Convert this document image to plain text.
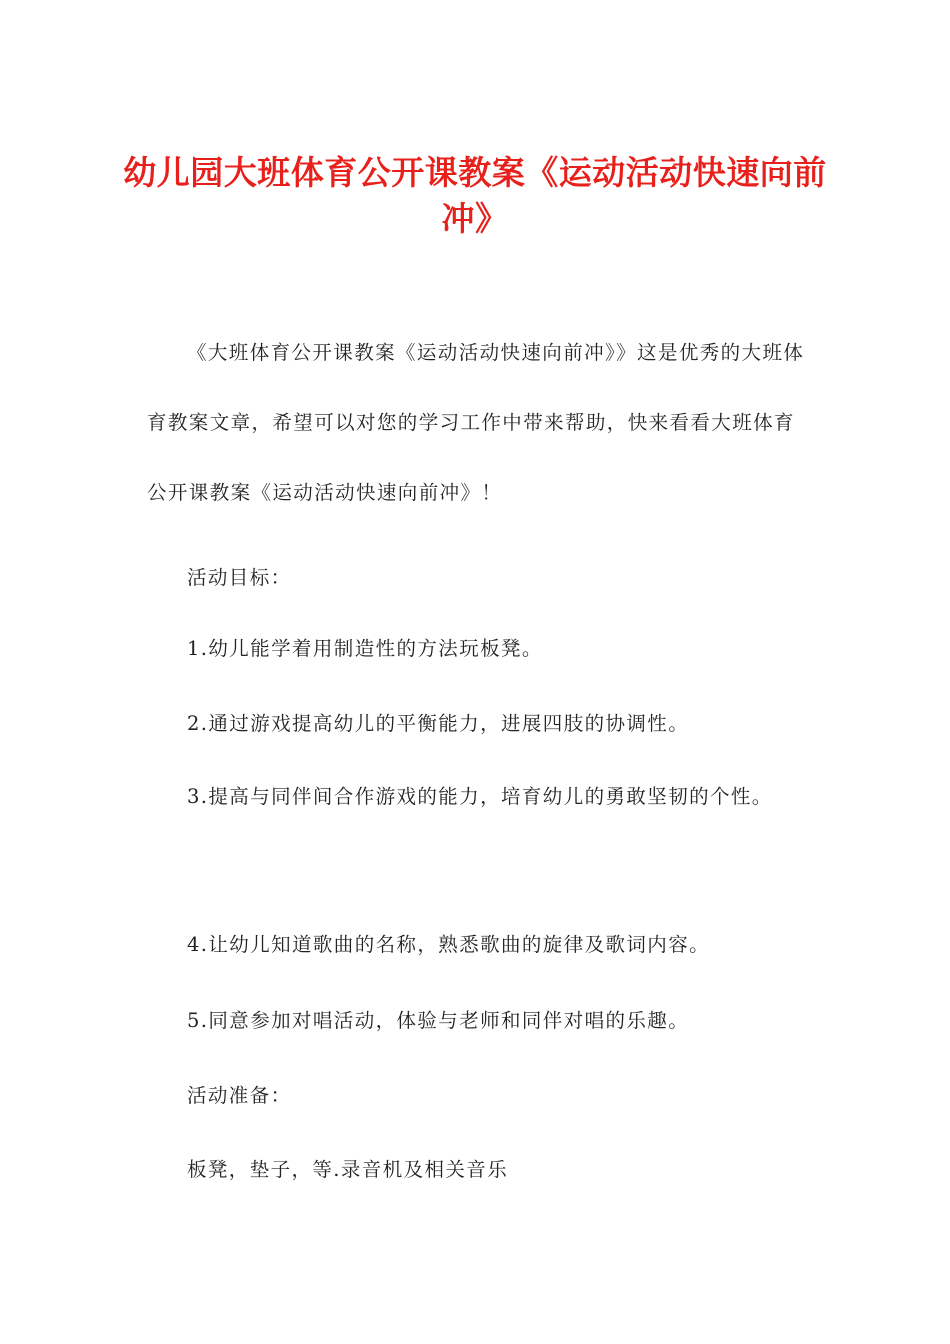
幼儿园大班体育公开课教案《运动活动快速向前冲》

《大班体育公开课教案《运动活动快速向前冲》》这是优秀的大班体育教案文章，希望可以对您的学习工作中带来帮助，快来看看大班体育公开课教案《运动活动快速向前冲》！

活动目标：

1.幼儿能学着用制造性的方法玩板凳。

2.通过游戏提高幼儿的平衡能力，进展四肢的协调性。

3.提高与同伴间合作游戏的能力，培育幼儿的勇敢坚韧的个性。

4.让幼儿知道歌曲的名称，熟悉歌曲的旋律及歌词内容。

5.同意参加对唱活动，体验与老师和同伴对唱的乐趣。

活动准备：

板凳，垫子，等.录音机及相关音乐
